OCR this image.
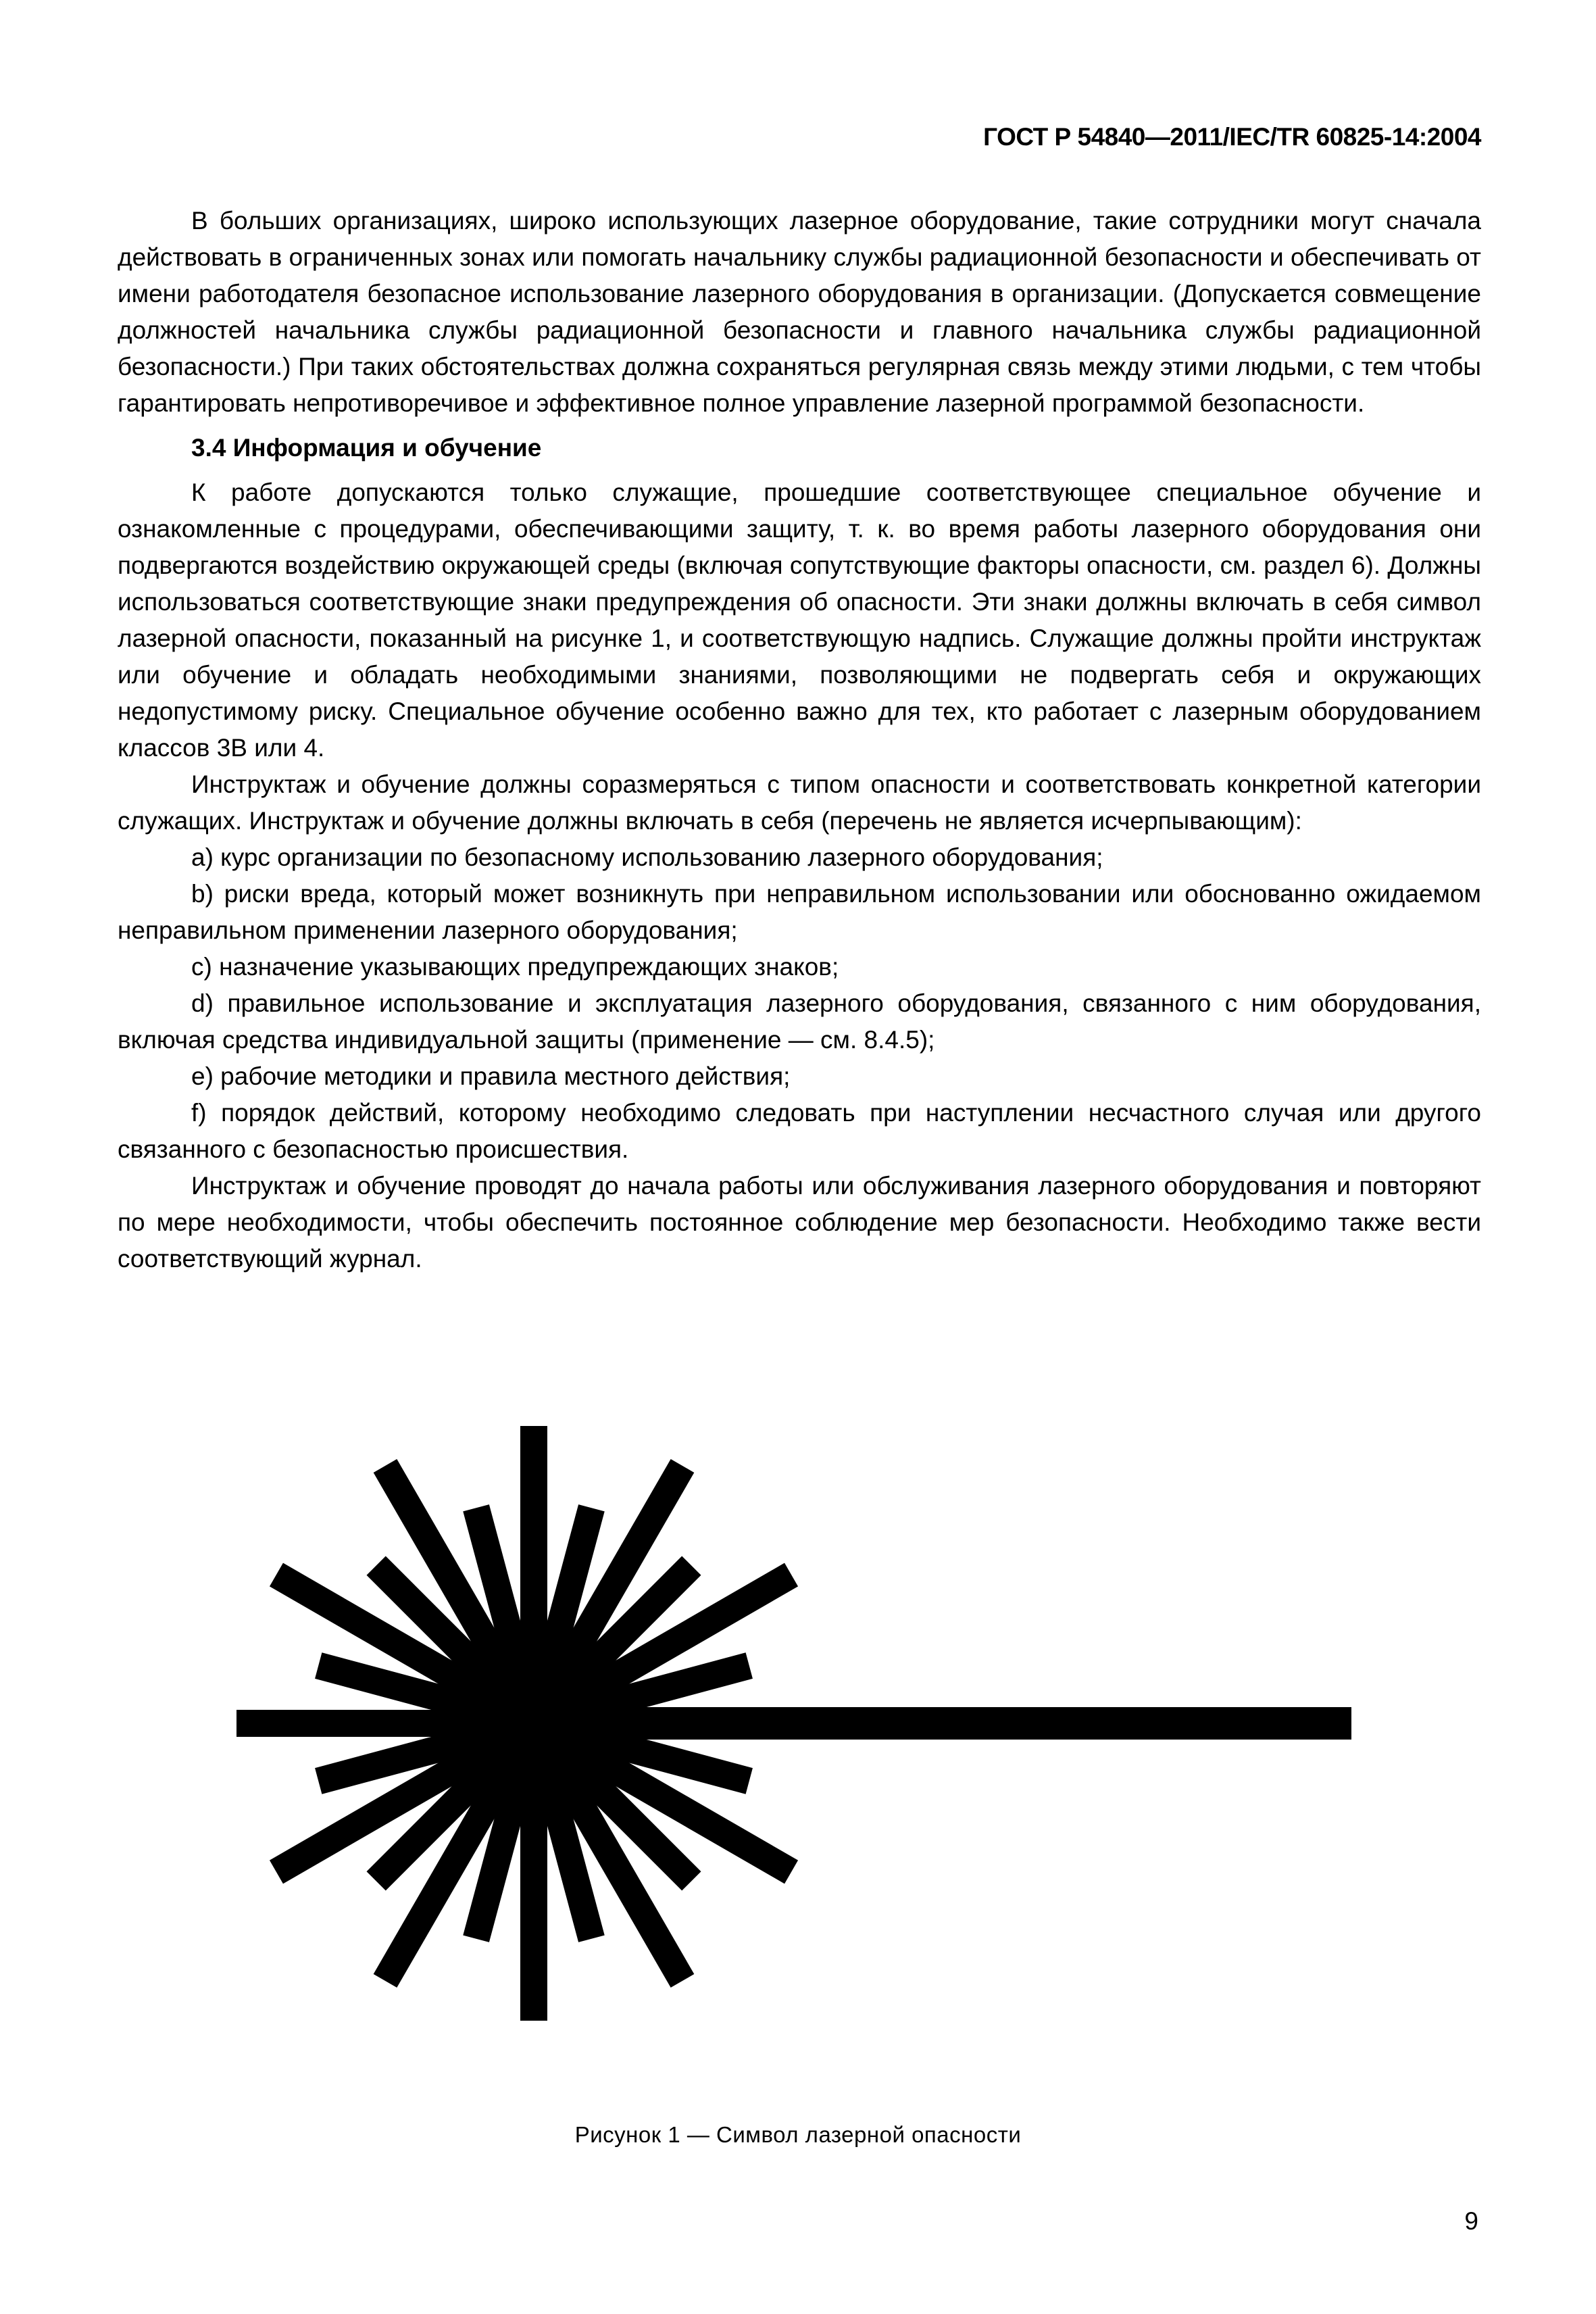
ГОСТ Р 54840—2011/IEC/TR 60825-14:2004

В больших организациях, широко использующих лазерное оборудование, такие сотрудники могут сначала действовать в ограниченных зонах или помогать начальнику службы радиационной безопасности и обеспечивать от имени работодателя безопасное использование лазерного оборудования в организации. (Допускается совмещение должностей начальника службы радиационной безопасности и главного начальника службы радиационной безопасности.) При таких обстоятельствах должна сохраняться регулярная связь между этими людьми, с тем чтобы гарантировать непротиворечивое и эффективное полное управление лазерной программой безопасности.

3.4 Информация и обучение

К работе допускаются только служащие, прошедшие соответствующее специальное обучение и ознакомленные с процедурами, обеспечивающими защиту, т. к. во время работы лазерного оборудования они подвергаются воздействию окружающей среды (включая сопутствующие факторы опасности, см. раздел 6). Должны использоваться соответствующие знаки предупреждения об опасности. Эти знаки должны включать в себя символ лазерной опасности, показанный на рисунке 1, и соответствующую надпись. Служащие должны пройти инструктаж или обучение и обладать необходимыми знаниями, позволяющими не подвергать себя и окружающих недопустимому риску. Специальное обучение особенно важно для тех, кто работает с лазерным оборудованием классов 3В или 4.

Инструктаж и обучение должны соразмеряться с типом опасности и соответствовать конкретной категории служащих. Инструктаж и обучение должны включать в себя (перечень не является исчерпывающим):

a) курс организации по безопасному использованию лазерного оборудования;

b) риски вреда, который может возникнуть при неправильном использовании или обоснованно ожидаемом неправильном применении лазерного оборудования;

c) назначение указывающих предупреждающих знаков;

d) правильное использование и эксплуатация лазерного оборудования, связанного с ним оборудования, включая средства индивидуальной защиты (применение — см. 8.4.5);

e) рабочие методики и правила местного действия;

f) порядок действий, которому необходимо следовать при наступлении несчастного случая или другого связанного с безопасностью происшествия.

Инструктаж и обучение проводят до начала работы или обслуживания лазерного оборудования и повторяют по мере необходимости, чтобы обеспечить постоянное соблюдение мер безопасности. Необходимо также вести соответствующий журнал.

Рисунок 1 — Символ лазерной опасности
9
